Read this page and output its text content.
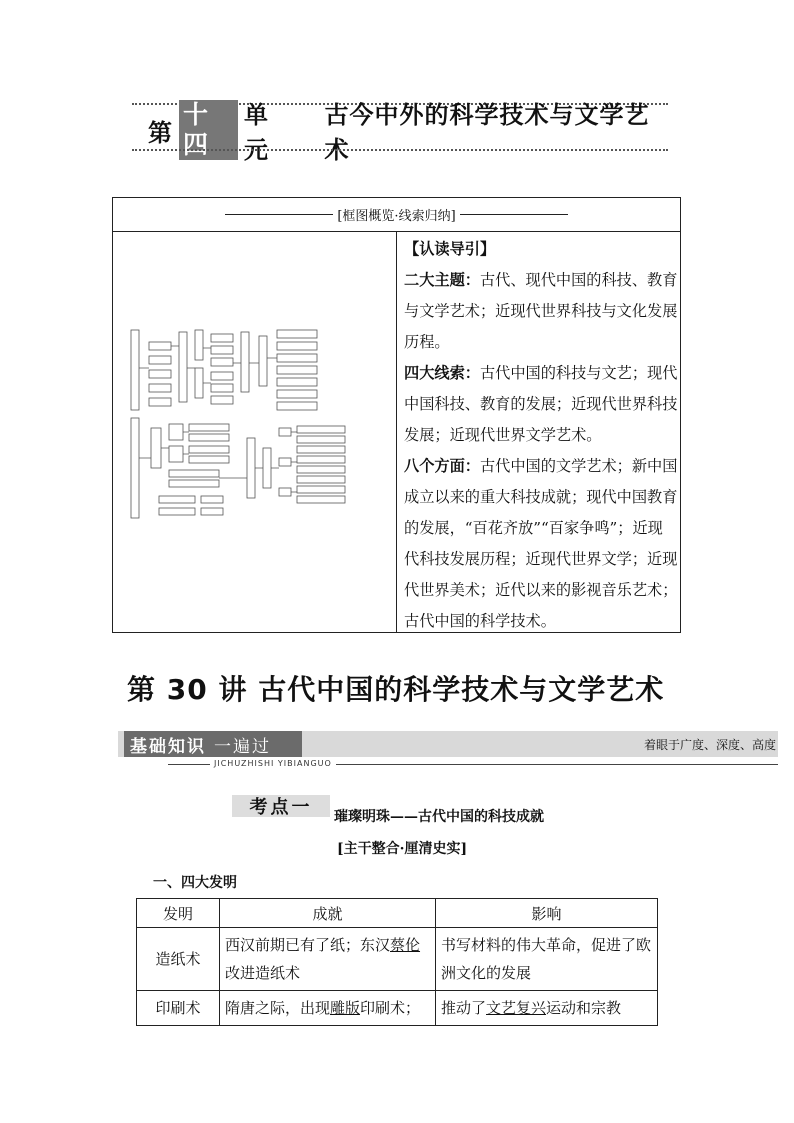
第
十四
单元
古今中外的科学技术与文学艺术
[框图概览·线索归纳]
【认读导引】
二大主题：古代、现代中国的科技、教育与文学艺术；近现代世界科技与文化发展历程。
四大线索：古代中国的科技与文艺；现代中国科技、教育的发展；近现代世界科技发展；近现代世界文学艺术。
八个方面：古代中国的文学艺术；新中国成立以来的重大科技成就；现代中国教育的发展，“百花齐放”“百家争鸣”；近现代科技发展历程；近现代世界文学；近现代世界美术；近代以来的影视音乐艺术；古代中国的科学技术。
第 30 讲 古代中国的科学技术与文学艺术
基础知识 一遍过	着眼于广度、深度、高度
JICHUZHISHI YIBIANGUO
考点一	璀璨明珠——古代中国的科技成就
[主干整合·厘清史实]
一、四大发明
发明	成就	影响
造纸术	西汉前期已有了纸；东汉蔡伦改进造纸术	书写材料的伟大革命，促进了欧洲文化的发展
印刷术	隋唐之际，出现雕版印刷术；	推动了文艺复兴运动和宗教
